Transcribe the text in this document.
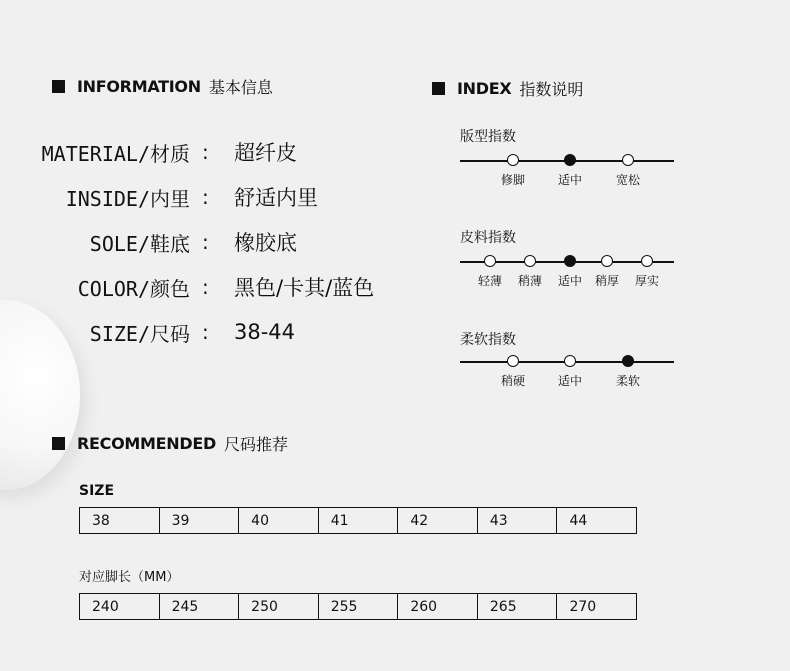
INFORMATION 基本信息
MATERIAL/材质 : 超纤皮
INSIDE/内里 : 舒适内里
SOLE/鞋底 : 橡胶底
COLOR/颜色 : 黑色/卡其/蓝色
SIZE/尺码 : 38-44
INDEX 指数说明
版型指数
修脚	适中	宽松
皮料指数
轻薄 稍薄 适中 稍厚 厚实
柔软指数
稍硬	适中	柔软
RECOMMENDED 尺码推荐
SIZE
38	39	40	41	42	43	44
对应脚长（MM）
240	245	250	255	260	265	270
